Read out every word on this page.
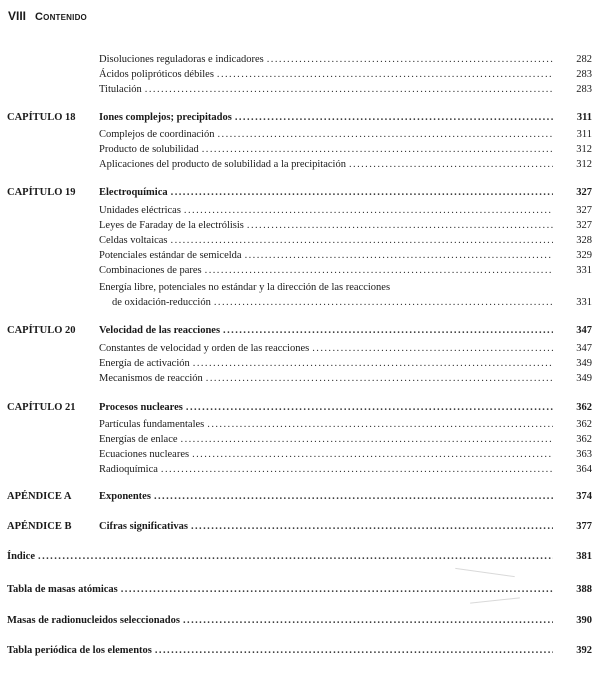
VIII Contenido
Disoluciones reguladoras e indicadores . . .	282
Ácidos polipróticos débiles . . .	283
Titulación . . .	283
CAPÍTULO 18 Iones complejos; precipitados . . .	311
Complejos de coordinación . . .	311
Producto de solubilidad . . .	312
Aplicaciones del producto de solubilidad a la precipitación . . .	312
CAPÍTULO 19 Electroquímica . . .	327
Unidades eléctricas . . .	327
Leyes de Faraday de la electrólisis . . .	327
Celdas voltaicas . . .	328
Potenciales estándar de semicelda . . .	329
Combinaciones de pares . . .	331
Energía libre, potenciales no estándar y la dirección de las reacciones
de oxidación-reducción . . .	331
CAPÍTULO 20 Velocidad de las reacciones . . .	347
Constantes de velocidad y orden de las reacciones . . .	347
Energía de activación . . .	349
Mecanismos de reacción . . .	349
CAPÍTULO 21 Procesos nucleares . . .	362
Partículas fundamentales . . .	362
Energías de enlace . . .	362
Ecuaciones nucleares . . .	363
Radioquímica . . .	364
APÉNDICE A	Exponentes . . .	374
APÉNDICE B	Cifras significativas . . .	377
Índice . . .	381
Tabla de masas atómicas . . .	388
Masas de radionucleidos seleccionados . . .	390
Tabla periódica de los elementos . . .	392
